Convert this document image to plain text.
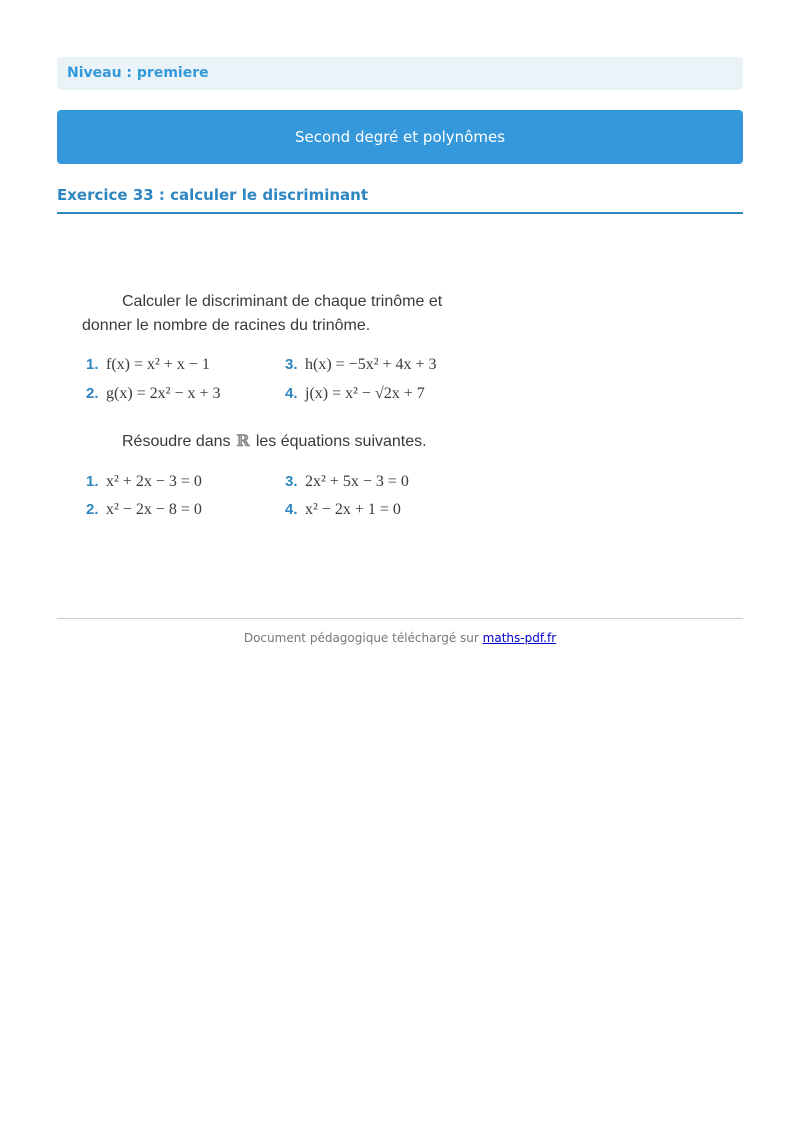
Niveau : premiere
Second degré et polynômes
Exercice 33 : calculer le discriminant
Calculer le discriminant de chaque trinôme et donner le nombre de racines du trinôme.
1. f(x) = x² + x − 1
2. g(x) = 2x² − x + 3
3. h(x) = −5x² + 4x + 3
4. j(x) = x² − √2x + 7
Résoudre dans ℝ les équations suivantes.
1. x² + 2x − 3 = 0
2. x² − 2x − 8 = 0
3. 2x² + 5x − 3 = 0
4. x² − 2x + 1 = 0
Document pédagogique téléchargé sur maths-pdf.fr
